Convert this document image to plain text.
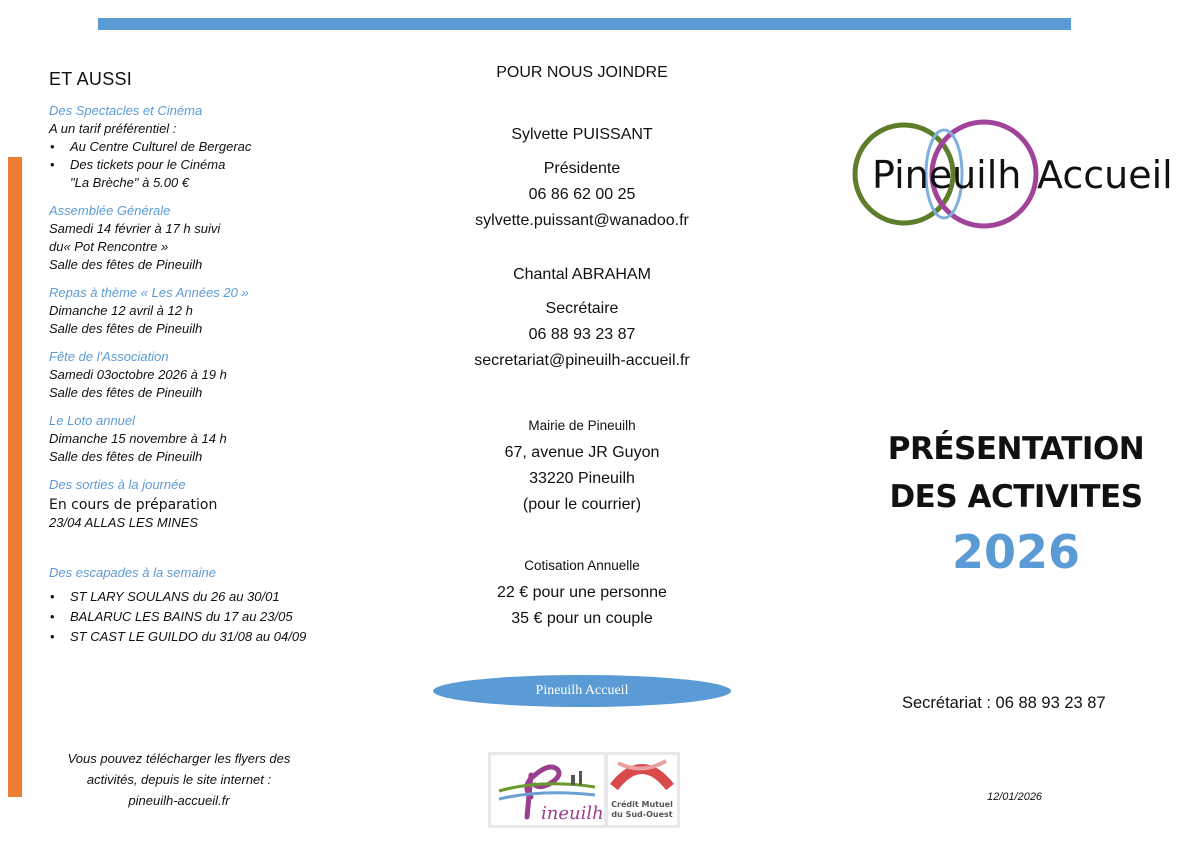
ET AUSSI
Des Spectacles et Cinéma
A un tarif préférentiel :
• Au Centre Culturel de Bergerac
• Des tickets pour le Cinéma
"La Brèche" à 5.00 €
Assemblée Générale
Samedi 14 février à 17 h suivi
du« Pot Rencontre »
Salle des fêtes de Pineuilh
Repas à thème « Les Années 20 »
Dimanche 12 avril à 12 h
Salle des fêtes de Pineuilh
Fête de l'Association
Samedi 03octobre 2026 à 19 h
Salle des fêtes de Pineuilh
Le Loto annuel
Dimanche 15 novembre à 14 h
Salle des fêtes de Pineuilh
Des sorties à la journée
En cours de préparation
23/04 ALLAS LES MINES
Des escapades à la semaine
• ST LARY SOULANS du 26 au 30/01
• BALARUC LES BAINS du 17 au 23/05
• ST CAST LE GUILDO du 31/08 au 04/09
Vous pouvez télécharger les flyers des
activités, depuis le site internet :
pineuilh-accueil.fr
POUR NOUS JOINDRE
Sylvette PUISSANT
Présidente
06 86 62 00 25
sylvette.puissant@wanadoo.fr
Chantal ABRAHAM
Secrétaire
06 88 93 23 87
secretariat@pineuilh-accueil.fr
Mairie de Pineuilh
67, avenue JR Guyon
33220 Pineuilh
(pour le courrier)
Cotisation Annuelle
22 € pour une personne
35 € pour un couple
Pineuilh Accueil
ineuilh Crédit Mutuel
du Sud-Ouest
Pineuilh Accueil
PRÉSENTATION
DES ACTIVITES
2026
Secrétariat : 06 88 93 23 87
12/01/2026
